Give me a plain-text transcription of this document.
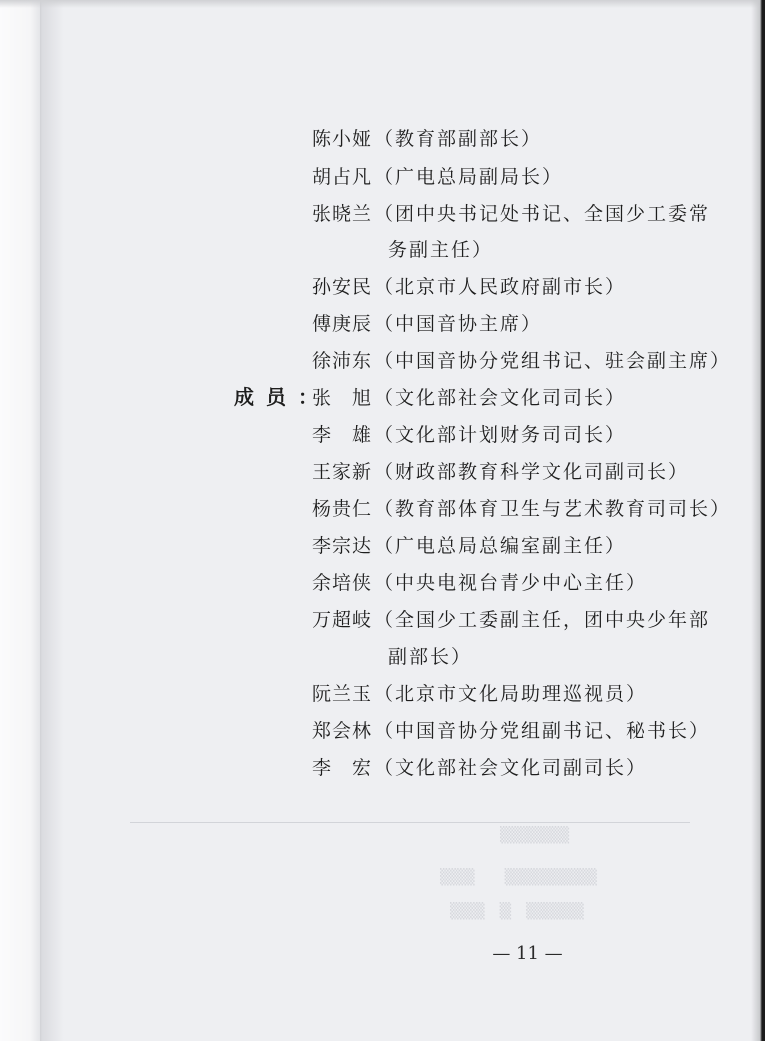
▒▒▒▒▒▒
▒▒▒　　▒▒▒▒▒▒▒▒
▒▒▒　▒　▒▒▒▒▒
陈小娅 （教育部副部长）
胡占凡 （广电总局副局长）
张晓兰 （团中央书记处书记、全国少工委常
务副主任）
孙安民 （北京市人民政府副市长）
傅庚辰 （中国音协主席）
徐沛东 （中国音协分党组书记、驻会副主席）
成员：
张　旭 （文化部社会文化司司长）
李　雄 （文化部计划财务司司长）
王家新 （财政部教育科学文化司副司长）
杨贵仁 （教育部体育卫生与艺术教育司司长）
李宗达 （广电总局总编室副主任）
余培侠 （中央电视台青少中心主任）
万超岐 （全国少工委副主任，团中央少年部
副部长）
阮兰玉 （北京市文化局助理巡视员）
郑会林 （中国音协分党组副书记、秘书长）
李　宏 （文化部社会文化司副司长）
— 11 —
